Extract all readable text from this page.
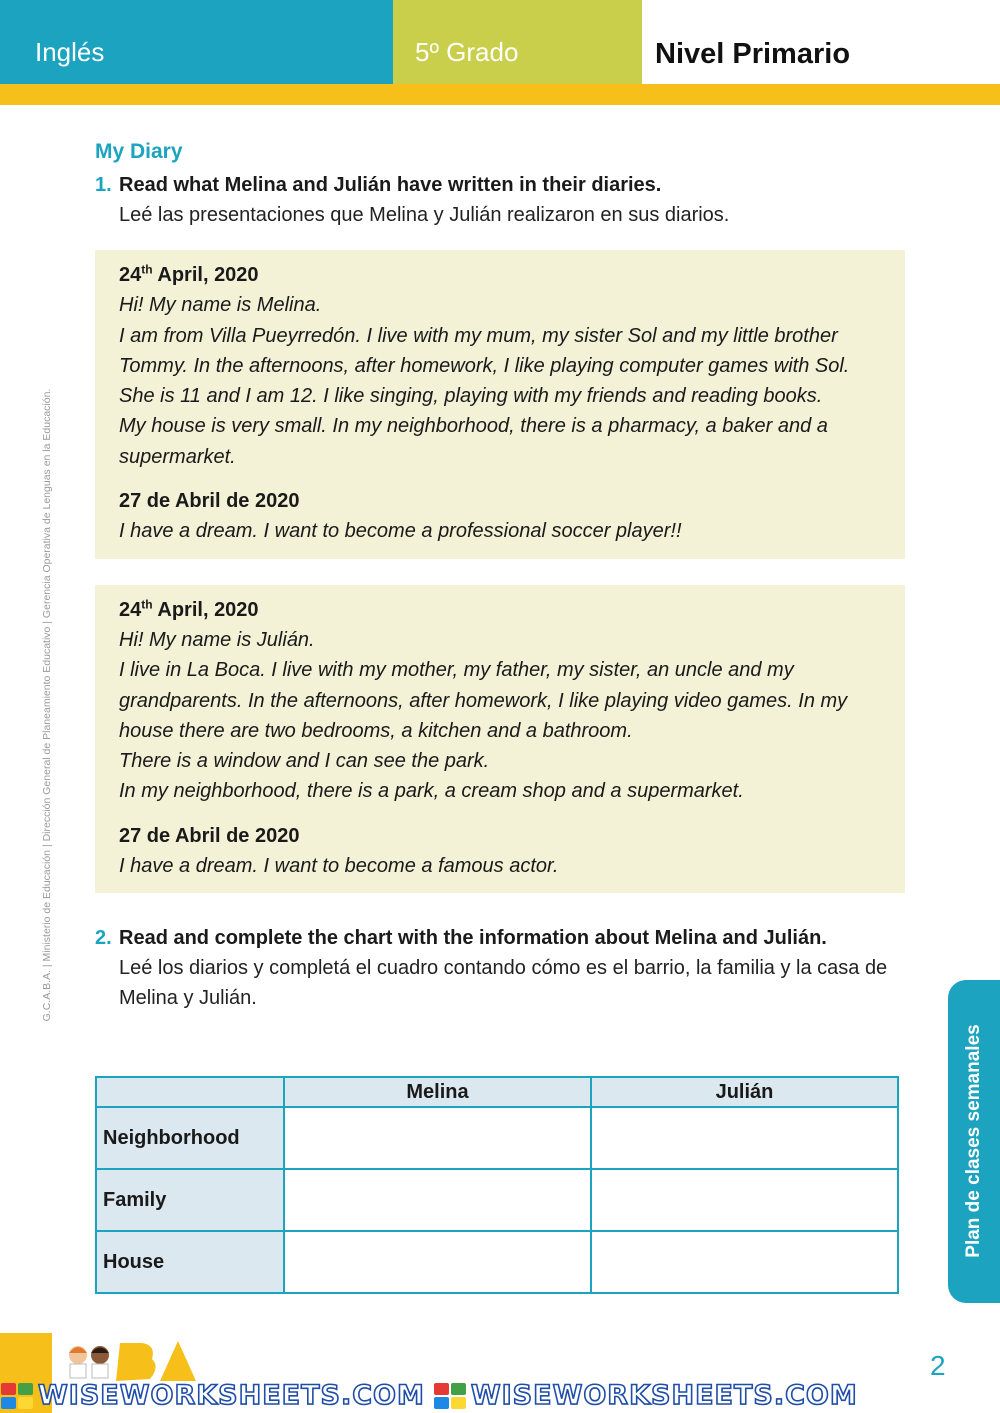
Inglés	5º Grado	Nivel Primario
G.C.A.B.A. | Ministerio de Educación | Dirección General de Planeamiento Educativo | Gerencia Operativa de Lenguas en la Educación.
My Diary
1. Read what Melina and Julián have written in their diaries.
Leé las presentaciones que Melina y Julián realizaron en sus diarios.
24th April, 2020
Hi! My name is Melina.
I am from Villa Pueyrredón. I live with my mum, my sister Sol and my little brother Tommy. In the afternoons, after homework, I like playing computer games with Sol. She is 11 and I am 12. I like singing, playing with my friends and reading books.
My house is very small. In my neighborhood, there is a pharmacy, a baker and a supermarket.
27 de Abril de 2020
I have a dream. I want to become a professional soccer player!!
24th April, 2020
Hi! My name is Julián.
I live in La Boca. I live with my mother, my father, my sister, an uncle and my grandparents. In the afternoons, after homework, I like playing video games. In my house there are two bedrooms, a kitchen and a bathroom.
There is a window and I can see the park.
In my neighborhood, there is a park, a cream shop and a supermarket.
27 de Abril de 2020
I have a dream. I want to become a famous actor.
2. Read and complete the chart with the information about Melina and Julián.
Leé los diarios y completá el cuadro contando cómo es el barrio, la familia y la casa de Melina y Julián.
	Melina	Julián
Neighborhood		
Family		
House		
Plan de clases semanales
2
WISEWORKSHEETS.COM WISEWORKSHEETS.COM
